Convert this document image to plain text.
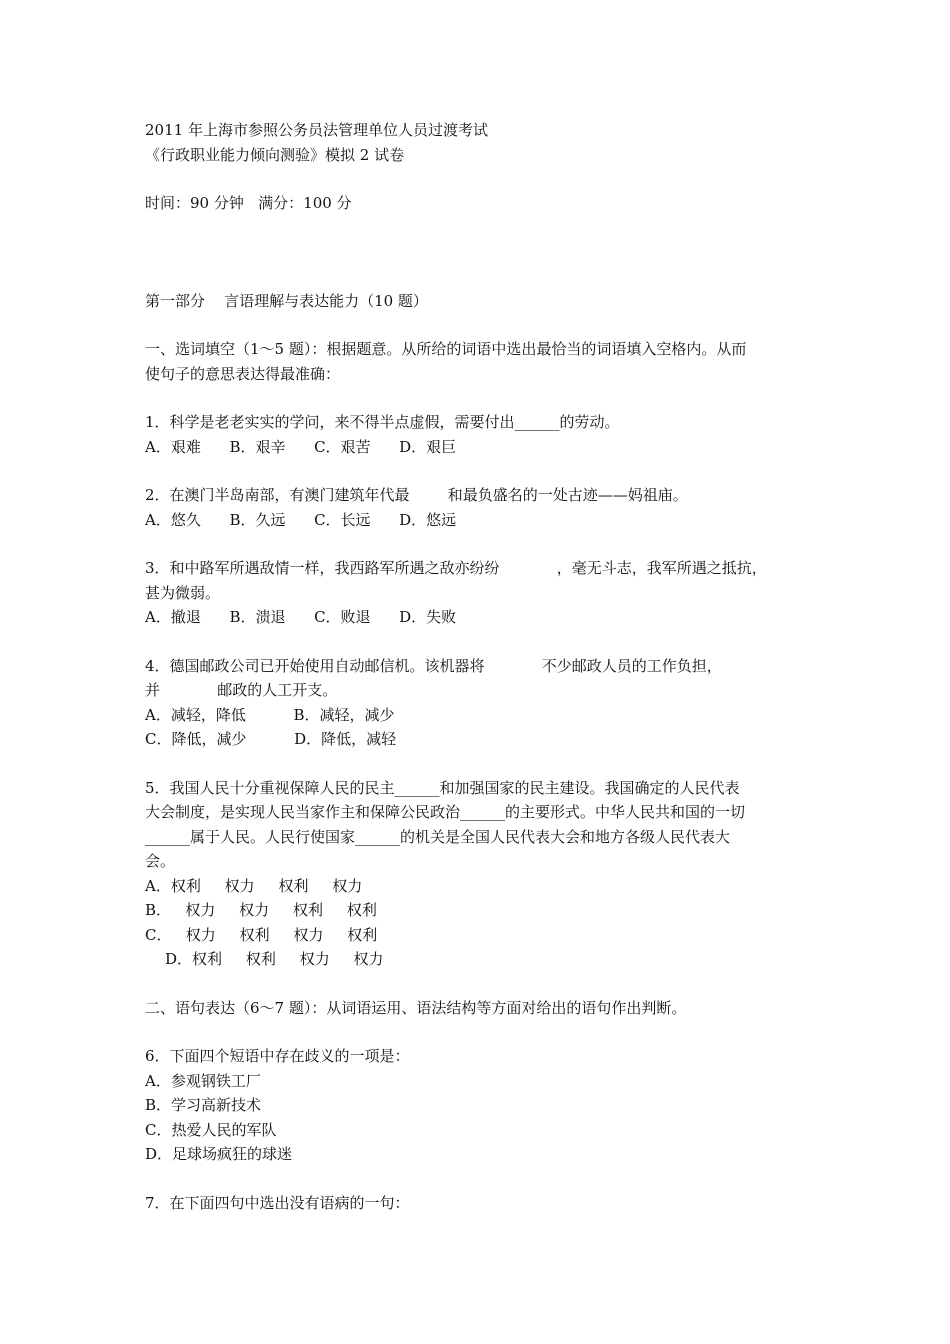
2011 年上海市参照公务员法管理单位人员过渡考试

《行政职业能力倾向测验》模拟 2 试卷

时间：90 分钟   满分：100 分

第一部分    言语理解与表达能力（10 题）

一、选词填空（1～5 题）：根据题意。从所给的词语中选出最恰当的词语填入空格内。从而

使句子的意思表达得最准确：

1．科学是老老实实的学问，来不得半点虚假，需要付出______的劳动。

A．艰难      B．艰辛      C．艰苦      D．艰巨

2．在澳门半岛南部，有澳门建筑年代最        和最负盛名的一处古迹——妈祖庙。

A．悠久      B．久远      C．长远      D．悠远

3．和中路军所遇敌情一样，我西路军所遇之敌亦纷纷            ，毫无斗志，我军所遇之抵抗，

甚为微弱。

A．撤退      B．溃退      C．败退      D．失败

4．德国邮政公司已开始使用自动邮信机。该机器将            不少邮政人员的工作负担，

并            邮政的人工开支。

A．减轻，降低          B．减轻，减少

C．降低，减少          D．降低，减轻

5．我国人民十分重视保障人民的民主______和加强国家的民主建设。我国确定的人民代表

大会制度，是实现人民当家作主和保障公民政治______的主要形式。中华人民共和国的一切

______属于人民。人民行使国家______的机关是全国人民代表大会和地方各级人民代表大

会。

A．权利     权力     权利     权力

B．   权力     权力     权利     权利

C．   权力     权利     权力     权利

D．权利     权利     权力     权力

二、语句表达（6～7 题）：从词语运用、语法结构等方面对给出的语句作出判断。

6．下面四个短语中存在歧义的一项是：

A．参观钢铁工厂

B．学习高新技术

C．热爱人民的军队

D．足球场疯狂的球迷

7．在下面四句中选出没有语病的一句：
